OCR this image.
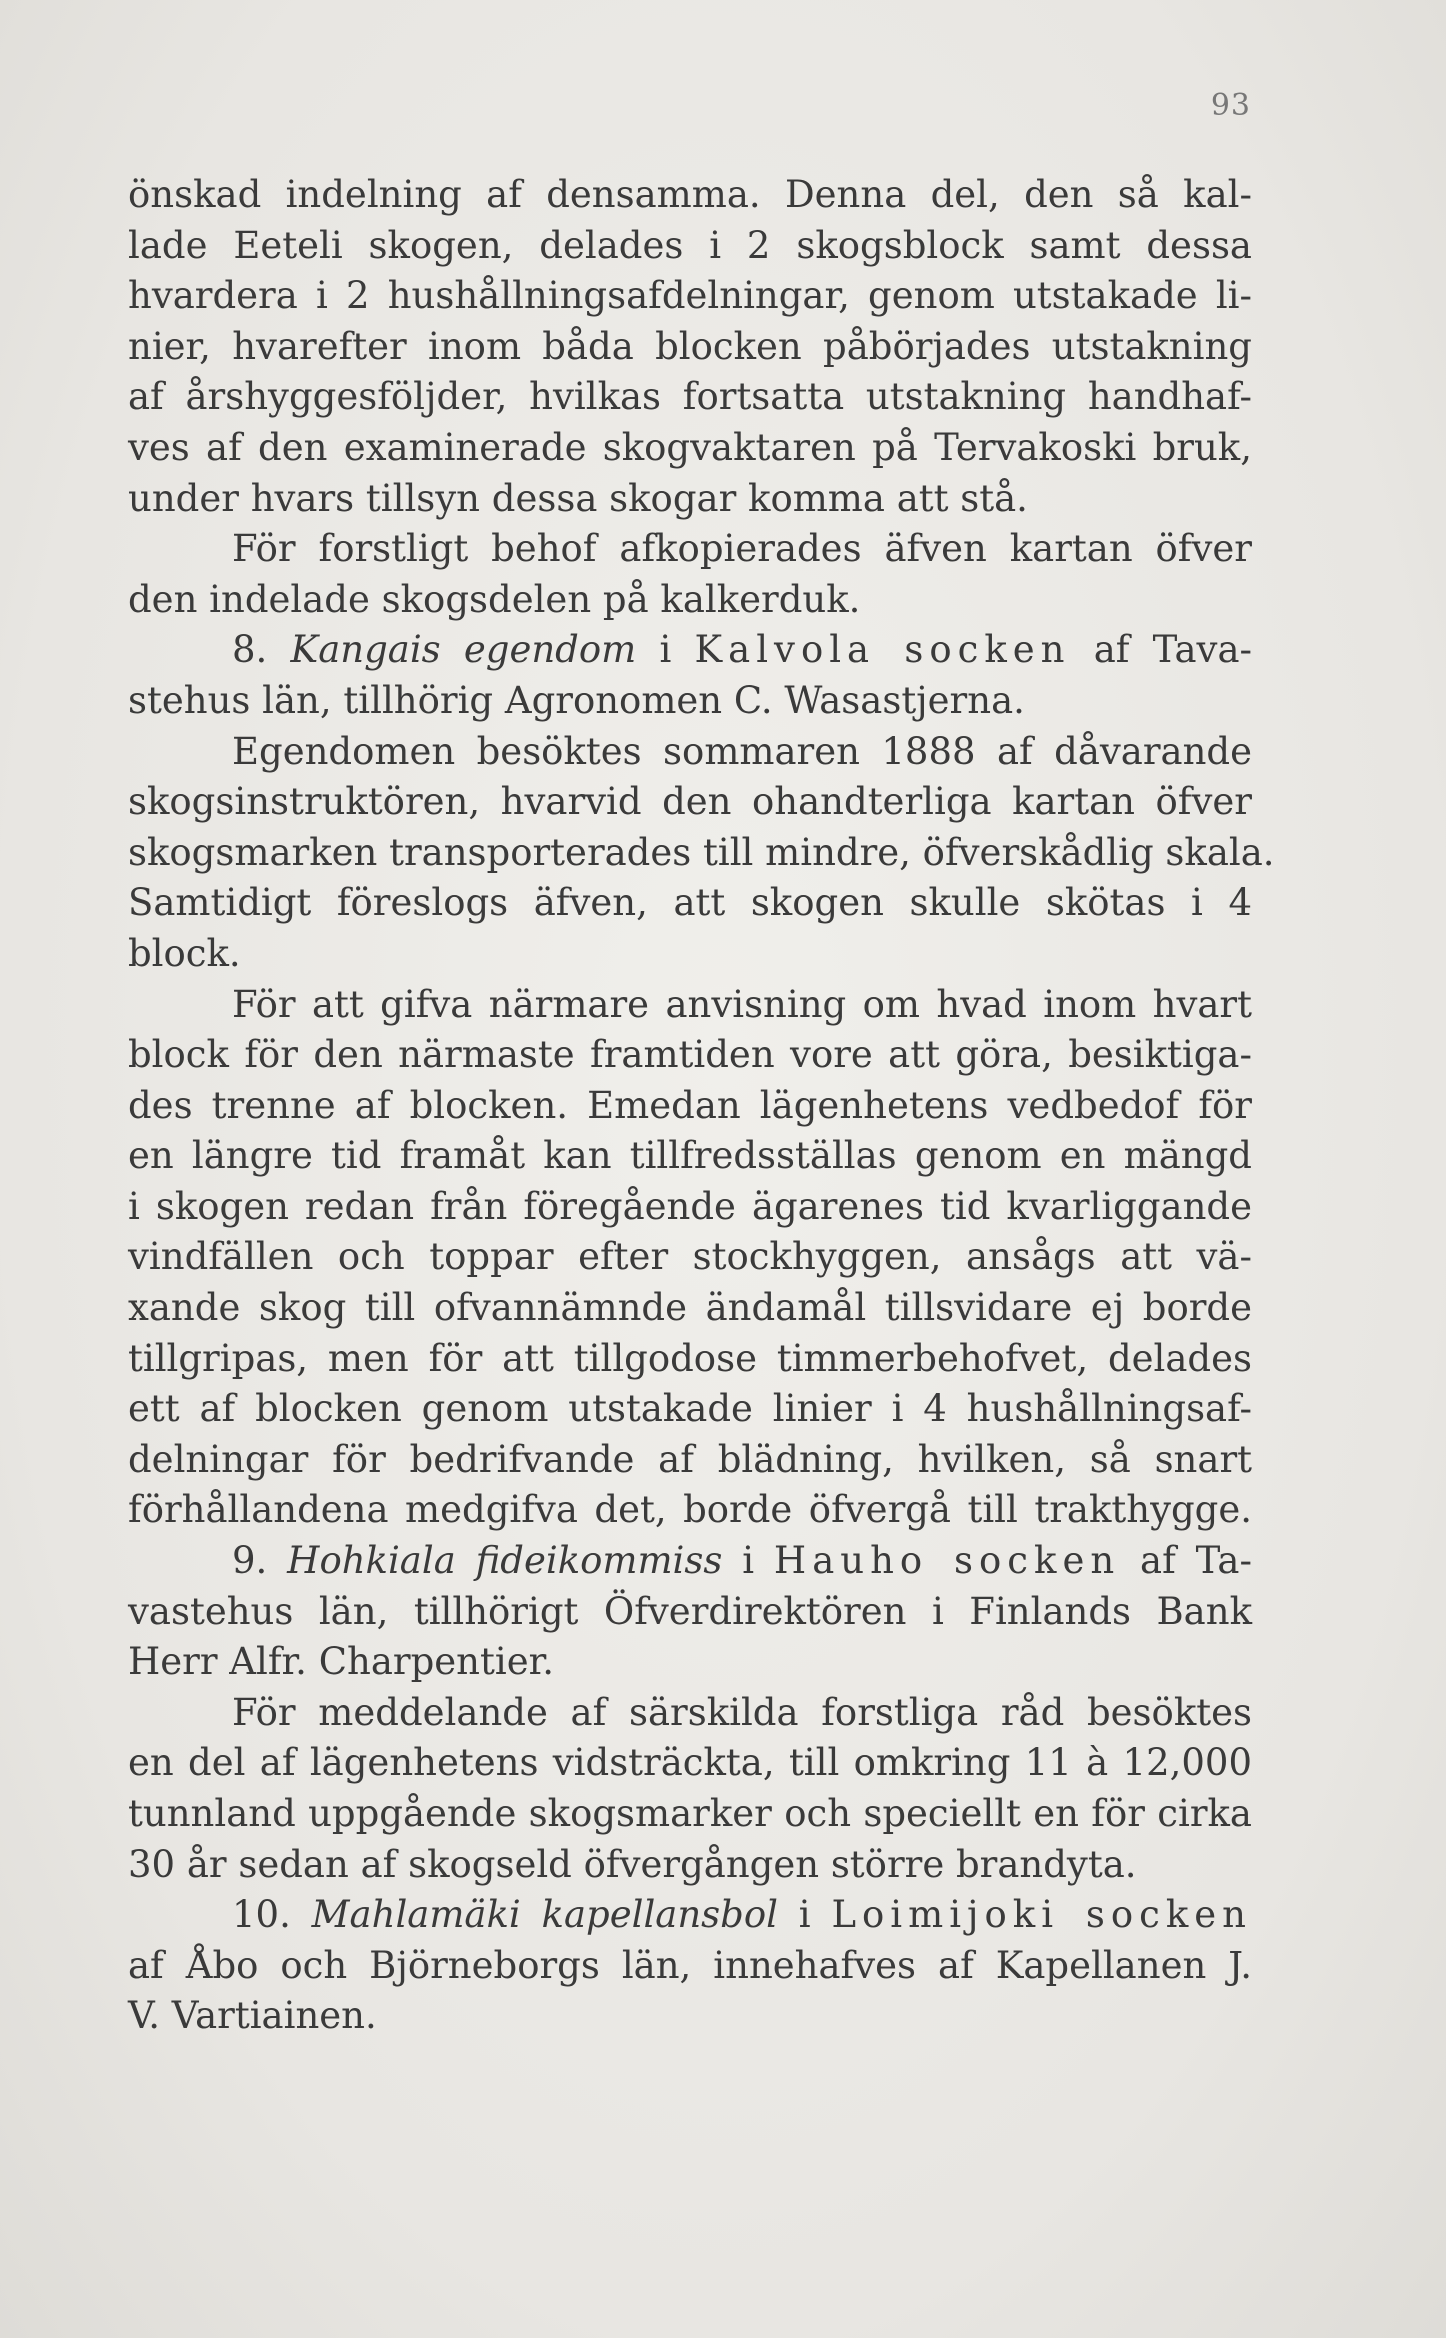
93
önskad indelning af densamma. Denna del, den så kal-
lade Eeteli skogen, delades i 2 skogsblock samt dessa
hvardera i 2 hushållningsafdelningar, genom utstakade li-
nier, hvarefter inom båda blocken påbörjades utstakning
af årshyggesföljder, hvilkas fortsatta utstakning handhaf-
ves af den examinerade skogvaktaren på Tervakoski bruk,
under hvars tillsyn dessa skogar komma att stå.
För forstligt behof afkopierades äfven kartan öfver
den indelade skogsdelen på kalkerduk.
8. Kangais egendom i Kalvola socken af Tava-
stehus län, tillhörig Agronomen C. Wasastjerna.
Egendomen besöktes sommaren 1888 af dåvarande
skogsinstruktören, hvarvid den ohandterliga kartan öfver
skogsmarken transporterades till mindre, öfverskådlig skala.
Samtidigt föreslogs äfven, att skogen skulle skötas i 4
block.
För att gifva närmare anvisning om hvad inom hvart
block för den närmaste framtiden vore att göra, besiktiga-
des trenne af blocken. Emedan lägenhetens vedbedof för
en längre tid framåt kan tillfredsställas genom en mängd
i skogen redan från föregående ägarenes tid kvarliggande
vindfällen och toppar efter stockhyggen, ansågs att vä-
xande skog till ofvannämnde ändamål tillsvidare ej borde
tillgripas, men för att tillgodose timmerbehofvet, delades
ett af blocken genom utstakade linier i 4 hushållningsaf-
delningar för bedrifvande af blädning, hvilken, så snart
förhållandena medgifva det, borde öfvergå till trakthygge.
9. Hohkiala fideikommiss i Hauho socken af Ta-
vastehus län, tillhörigt Öfverdirektören i Finlands Bank
Herr Alfr. Charpentier.
För meddelande af särskilda forstliga råd besöktes
en del af lägenhetens vidsträckta, till omkring 11 à 12,000
tunnland uppgående skogsmarker och speciellt en för cirka
30 år sedan af skogseld öfvergången större brandyta.
10. Mahlamäki kapellansbol i Loimijoki socken
af Åbo och Björneborgs län, innehafves af Kapellanen J.
V. Vartiainen.
